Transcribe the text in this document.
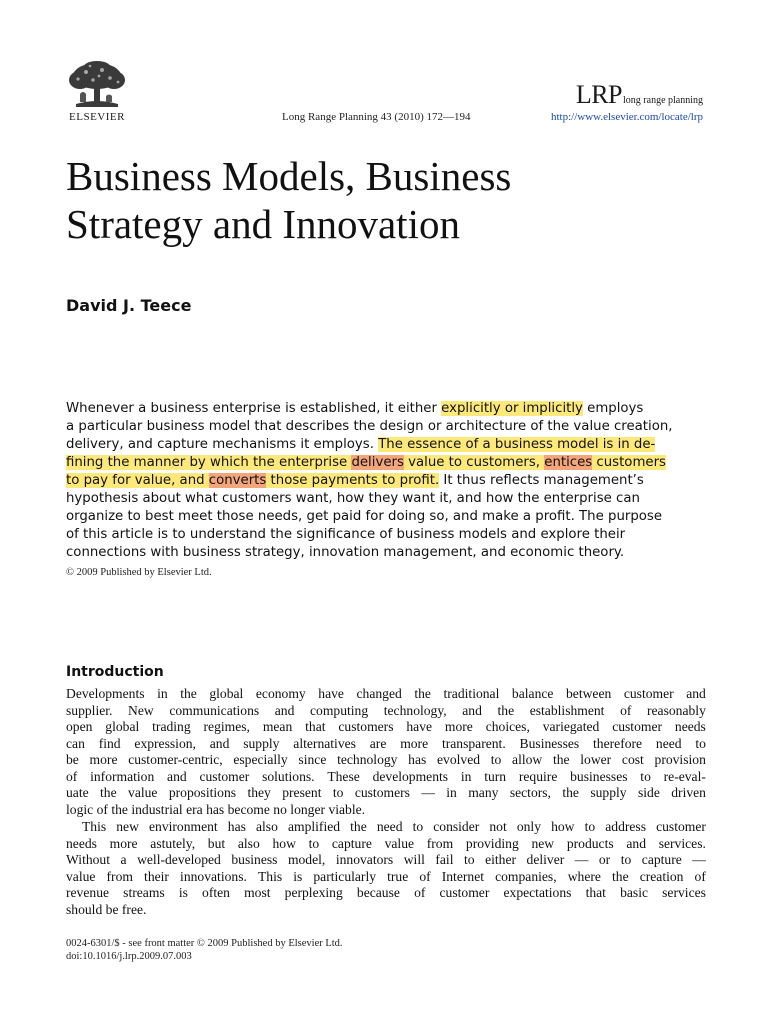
ELSEVIER	Long Range Planning 43 (2010) 172—194
LRPlong range planning
http://www.elsevier.com/locate/lrp
Business Models, Business
Strategy and Innovation
David J. Teece

Whenever a business enterprise is established, it either explicitly or implicitly employs
a particular business model that describes the design or architecture of the value creation,
delivery, and capture mechanisms it employs. The essence of a business model is in de-
fining the manner by which the enterprise delivers value to customers, entices customers
to pay for value, and converts those payments to profit. It thus reflects management’s
hypothesis about what customers want, how they want it, and how the enterprise can
organize to best meet those needs, get paid for doing so, and make a profit. The purpose
of this article is to understand the significance of business models and explore their
connections with business strategy, innovation management, and economic theory.

© 2009 Published by Elsevier Ltd.
Introduction
Developments in the global economy have changed the traditional balance between customer and
supplier. New communications and computing technology, and the establishment of reasonably
open global trading regimes, mean that customers have more choices, variegated customer needs
can find expression, and supply alternatives are more transparent. Businesses therefore need to
be more customer-centric, especially since technology has evolved to allow the lower cost provision
of information and customer solutions. These developments in turn require businesses to re-eval-
uate the value propositions they present to customers — in many sectors, the supply side driven
logic of the industrial era has become no longer viable.
This new environment has also amplified the need to consider not only how to address customer
needs more astutely, but also how to capture value from providing new products and services.
Without a well-developed business model, innovators will fail to either deliver — or to capture —
value from their innovations. This is particularly true of Internet companies, where the creation of
revenue streams is often most perplexing because of customer expectations that basic services
should be free.
0024-6301/$ - see front matter © 2009 Published by Elsevier Ltd.
doi:10.1016/j.lrp.2009.07.003
